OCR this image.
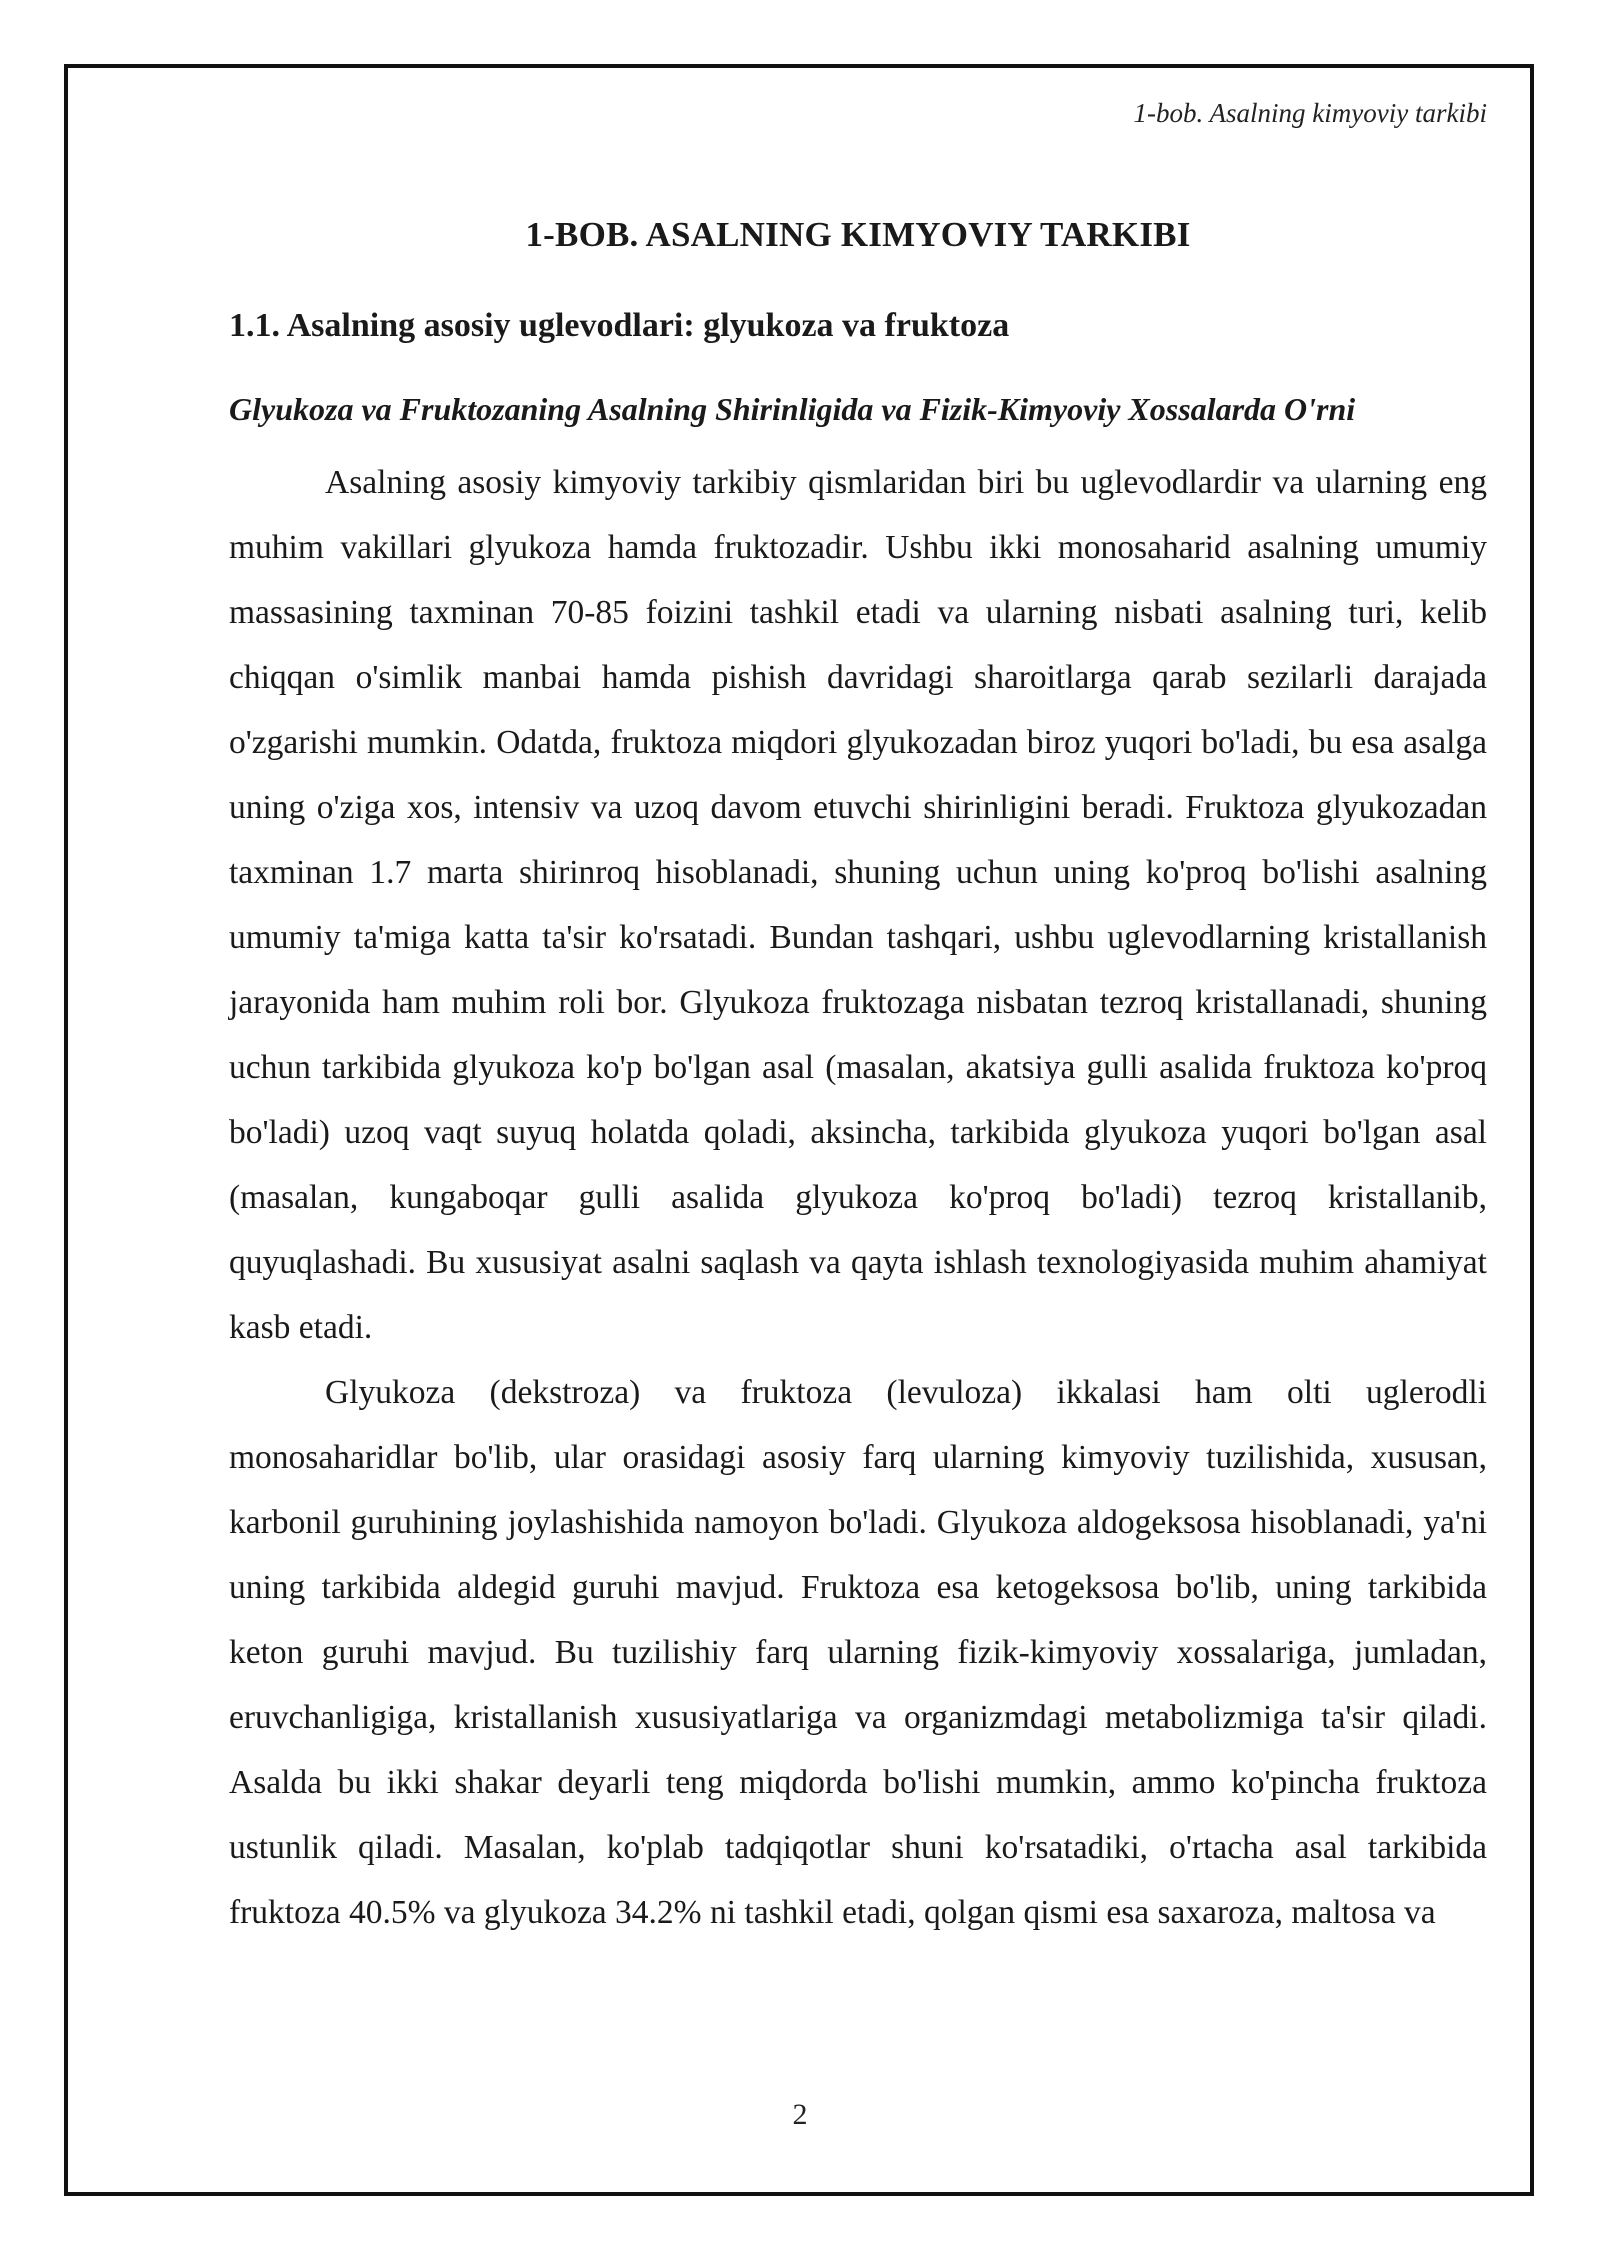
1-bob. Asalning kimyoviy tarkibi
1-BOB. ASALNING KIMYOVIY TARKIBI
1.1. Asalning asosiy uglevodlari: glyukoza va fruktoza
Glyukoza va Fruktozaning Asalning Shirinligida va Fizik-Kimyoviy Xossalarda O'rni

Asalning asosiy kimyoviy tarkibiy qismlaridan biri bu uglevodlardir va ularning eng muhim vakillari glyukoza hamda fruktozadir. Ushbu ikki monosaharid asalning umumiy massasining taxminan 70-85 foizini tashkil etadi va ularning nisbati asalning turi, kelib chiqqan o'simlik manbai hamda pishish davridagi sharoitlarga qarab sezilarli darajada o'zgarishi mumkin. Odatda, fruktoza miqdori glyukozadan biroz yuqori bo'ladi, bu esa asalga uning o'ziga xos, intensiv va uzoq davom etuvchi shirinligini beradi. Fruktoza glyukozadan taxminan 1.7 marta shirinroq hisoblanadi, shuning uchun uning ko'proq bo'lishi asalning umumiy ta'miga katta ta'sir ko'rsatadi. Bundan tashqari, ushbu uglevodlarning kristallanish jarayonida ham muhim roli bor. Glyukoza fruktozaga nisbatan tezroq kristallanadi, shuning uchun tarkibida glyukoza ko'p bo'lgan asal (masalan, akatsiya gulli asalida fruktoza ko'proq bo'ladi) uzoq vaqt suyuq holatda qoladi, aksincha, tarkibida glyukoza yuqori bo'lgan asal (masalan, kungaboqar gulli asalida glyukoza ko'proq bo'ladi) tezroq kristallanib, quyuqlashadi. Bu xususiyat asalni saqlash va qayta ishlash texnologiyasida muhim ahamiyat kasb etadi.

Glyukoza (dekstroza) va fruktoza (levuloza) ikkalasi ham olti uglerodli monosaharidlar bo'lib, ular orasidagi asosiy farq ularning kimyoviy tuzilishida, xususan, karbonil guruhining joylashishida namoyon bo'ladi. Glyukoza aldogeksosa hisoblanadi, ya'ni uning tarkibida aldegid guruhi mavjud. Fruktoza esa ketogeksosa bo'lib, uning tarkibida keton guruhi mavjud. Bu tuzilishiy farq ularning fizik-kimyoviy xossalariga, jumladan, eruvchanligiga, kristallanish xususiyatlariga va organizmdagi metabolizmiga ta'sir qiladi. Asalda bu ikki shakar deyarli teng miqdorda bo'lishi mumkin, ammo ko'pincha fruktoza ustunlik qiladi. Masalan, ko'plab tadqiqotlar shuni ko'rsatadiki, o'rtacha asal tarkibida fruktoza 40.5% va glyukoza 34.2% ni tashkil etadi, qolgan qismi esa saxaroza, maltosa va

2
